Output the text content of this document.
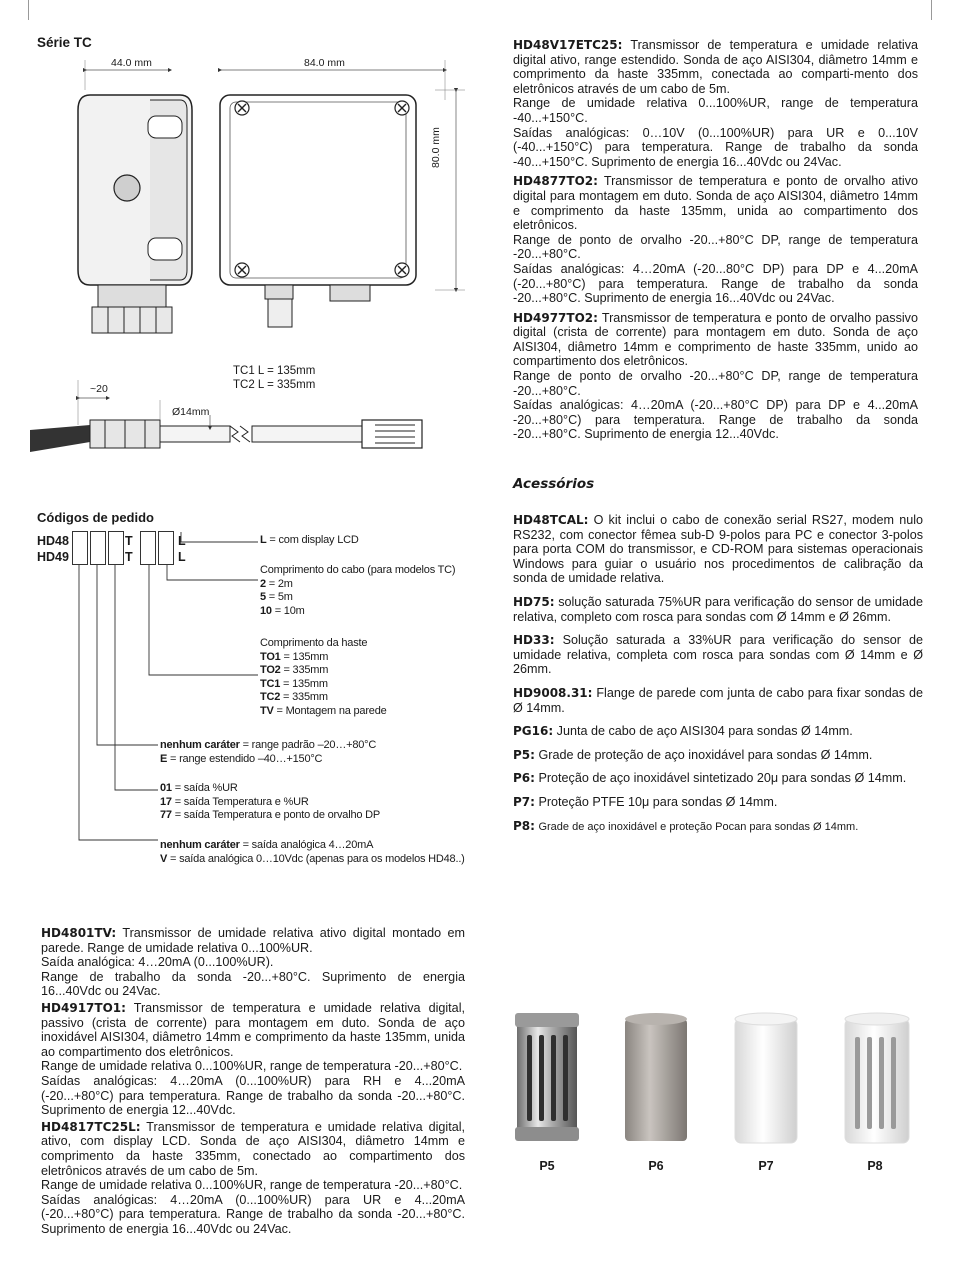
Série TC
44.0 mm	84.0 mm
80.0 mm
~20
Ø14mm
TC1 L = 135mm
TC2 L = 335mm
HD48V17ETC25: Transmissor de temperatura e umidade relativa digital ativo, range estendido. Sonda de aço AISI304, diâmetro 14mm e comprimento da haste 335mm, conectada ao comparti-mento dos eletrônicos através de um cabo de 5m.
Range de umidade relativa 0...100%UR, range de temperatura -40...+150°C.
Saídas analógicas: 0…10V (0...100%UR) para UR e 0...10V (-40...+150°C) para temperatura. Range de trabalho da sonda -40...+150°C. Suprimento de energia 16...40Vdc ou 24Vac.
HD4877TO2: Transmissor de temperatura e ponto de orvalho ativo digital para montagem em duto. Sonda de aço AISI304, diâmetro 14mm e comprimento da haste 135mm, unida ao compartimento dos eletrônicos.
Range de ponto de orvalho -20...+80°C DP, range de temperatura -20...+80°C.
Saídas analógicas: 4…20mA (-20...80°C DP) para DP e 4...20mA (-20...+80°C) para temperatura. Range de trabalho da sonda -20...+80°C. Suprimento de energia 16...40Vdc ou 24Vac.
HD4977TO2: Transmissor de temperatura e ponto de orvalho passivo digital (crista de corrente) para montagem em duto. Sonda de aço AISI304, diâmetro 14mm e comprimento de haste 335mm, unido ao compartimento dos eletrônicos.
Range de ponto de orvalho -20...+80°C DP, range de temperatura -20...+80°C.
Saídas analógicas: 4…20mA (-20...+80°C DP) para DP e 4...20mA -20...+80°C) para temperatura. Range de trabalho da sonda -20...+80°C. Suprimento de energia 12...40Vdc.
Códigos de pedido
HD48
HD49
T
T
L
L
L = com display LCD
Comprimento do cabo (para modelos TC)
2 = 2m
5 = 5m
10 = 10m
Comprimento da haste
TO1 = 135mm
TO2 = 335mm
TC1 = 135mm
TC2 = 335mm
TV = Montagem na parede
nenhum caráter = range padrão –20…+80°C
E = range estendido –40…+150°C
01 = saída %UR
17 = saída Temperatura e %UR
77 = saída Temperatura e ponto de orvalho DP
nenhum caráter = saída analógica 4…20mA
V = saída analógica 0…10Vdc (apenas para os modelos HD48..)
Acessórios
HD48TCAL: O kit inclui o cabo de conexão serial RS27, modem nulo RS232, com conector fêmea sub-D 9-polos para PC e conector 3-polos para porta COM do transmissor, e CD-ROM para sistemas operacionais Windows para guiar o usuário nos procedimentos de calibração da sonda de umidade relativa.
HD75: solução saturada 75%UR para verificação do sensor de umidade relativa, completo com rosca para sondas com Ø 14mm e Ø 26mm.
HD33: Solução saturada a 33%UR para verificação do sensor de umidade relativa, completa com rosca para sondas com Ø 14mm e Ø 26mm.
HD9008.31: Flange de parede com junta de cabo para fixar sondas de Ø 14mm.
PG16: Junta de cabo de aço AISI304 para sondas Ø 14mm.
P5: Grade de proteção de aço inoxidável para sondas Ø 14mm.
P6: Proteção de aço inoxidável sintetizado 20μ para sondas Ø 14mm.
P7: Proteção PTFE 10μ para sondas Ø 14mm.
P8: Grade de aço inoxidável e proteção Pocan para sondas Ø 14mm.
HD4801TV: Transmissor de umidade relativa ativo digital montado em parede. Range de umidade relativa 0...100%UR.
Saída analógica: 4…20mA (0...100%UR).
Range de trabalho da sonda -20...+80°C. Suprimento de energia 16...40Vdc ou 24Vac.
HD4917TO1: Transmissor de temperatura e umidade relativa digital, passivo (crista de corrente) para montagem em duto. Sonda de aço inoxidável AISI304, diâmetro 14mm e comprimento da haste 135mm, unida ao compartimento dos eletrônicos.
Range de umidade relativa 0...100%UR, range de temperatura -20...+80°C.
Saídas analógicas: 4…20mA (0...100%UR) para RH e 4...20mA (-20...+80°C) para temperatura. Range de trabalho da sonda -20...+80°C. Suprimento de energia 12...40Vdc.
HD4817TC25L: Transmissor de temperatura e umidade relativa digital, ativo, com display LCD. Sonda de aço AISI304, diâmetro 14mm e comprimento da haste 335mm, conectado ao compartimento dos eletrônicos através de um cabo de 5m.
Range de umidade relativa 0...100%UR, range de temperatura -20...+80°C.
Saídas analógicas: 4…20mA (0...100%UR) para UR e 4...20mA (-20...+80°C) para temperatura. Range de trabalho da sonda -20...+80°C. Suprimento de energia 16...40Vdc ou 24Vac.
P5	P6	P7	P8
